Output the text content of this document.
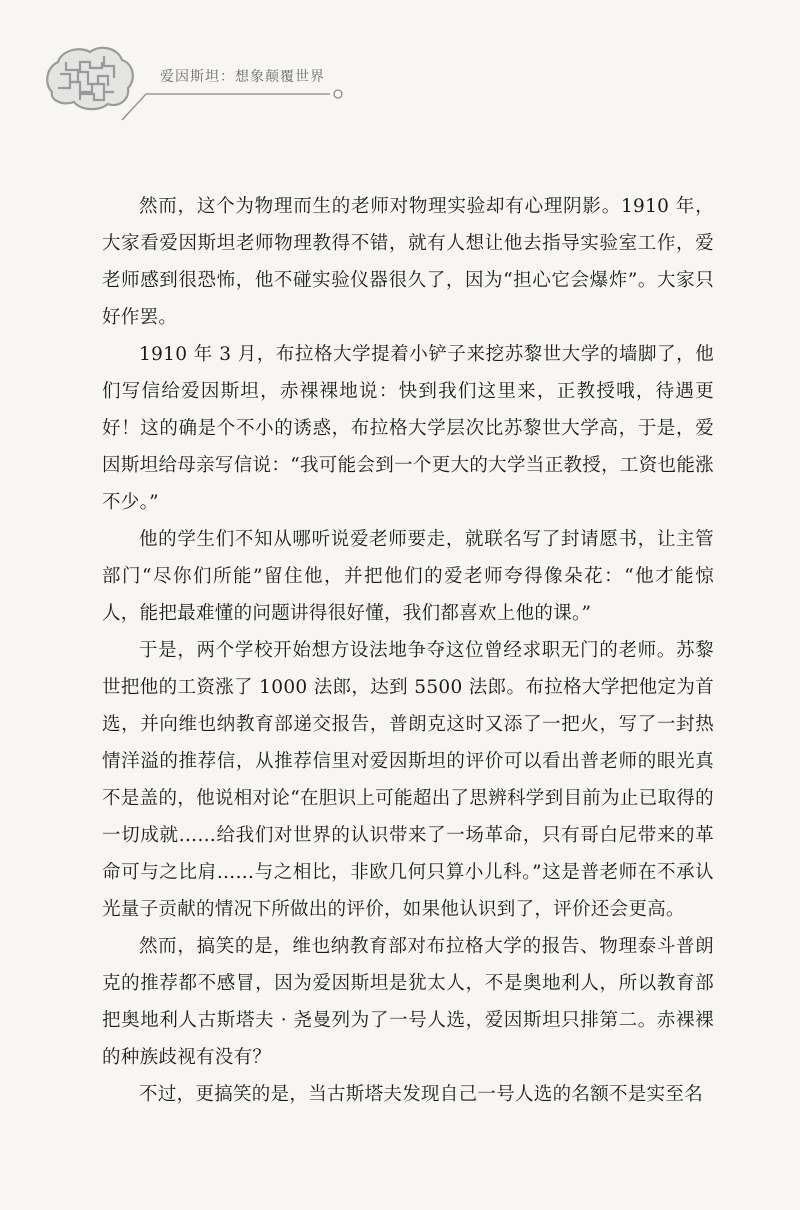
爱因斯坦：想象颠覆世界

然而，这个为物理而生的老师对物理实验却有心理阴影。1910 年，大家看爱因斯坦老师物理教得不错，就有人想让他去指导实验室工作，爱老师感到很恐怖，他不碰实验仪器很久了，因为“担心它会爆炸”。大家只好作罢。

1910 年 3 月，布拉格大学提着小铲子来挖苏黎世大学的墙脚了，他们写信给爱因斯坦，赤裸裸地说：快到我们这里来，正教授哦，待遇更好！这的确是个不小的诱惑，布拉格大学层次比苏黎世大学高，于是，爱因斯坦给母亲写信说：“我可能会到一个更大的大学当正教授，工资也能涨不少。”

他的学生们不知从哪听说爱老师要走，就联名写了封请愿书，让主管部门“尽你们所能”留住他，并把他们的爱老师夸得像朵花：“他才能惊人，能把最难懂的问题讲得很好懂，我们都喜欢上他的课。”

于是，两个学校开始想方设法地争夺这位曾经求职无门的老师。苏黎世把他的工资涨了 1000 法郎，达到 5500 法郎。布拉格大学把他定为首选，并向维也纳教育部递交报告，普朗克这时又添了一把火，写了一封热情洋溢的推荐信，从推荐信里对爱因斯坦的评价可以看出普老师的眼光真不是盖的，他说相对论“在胆识上可能超出了思辨科学到目前为止已取得的一切成就……给我们对世界的认识带来了一场革命，只有哥白尼带来的革命可与之比肩……与之相比，非欧几何只算小儿科。”这是普老师在不承认光量子贡献的情况下所做出的评价，如果他认识到了，评价还会更高。

然而，搞笑的是，维也纳教育部对布拉格大学的报告、物理泰斗普朗克的推荐都不感冒，因为爱因斯坦是犹太人，不是奥地利人，所以教育部把奥地利人古斯塔夫 · 尧曼列为了一号人选，爱因斯坦只排第二。赤裸裸的种族歧视有没有？

不过，更搞笑的是，当古斯塔夫发现自己一号人选的名额不是实至名
